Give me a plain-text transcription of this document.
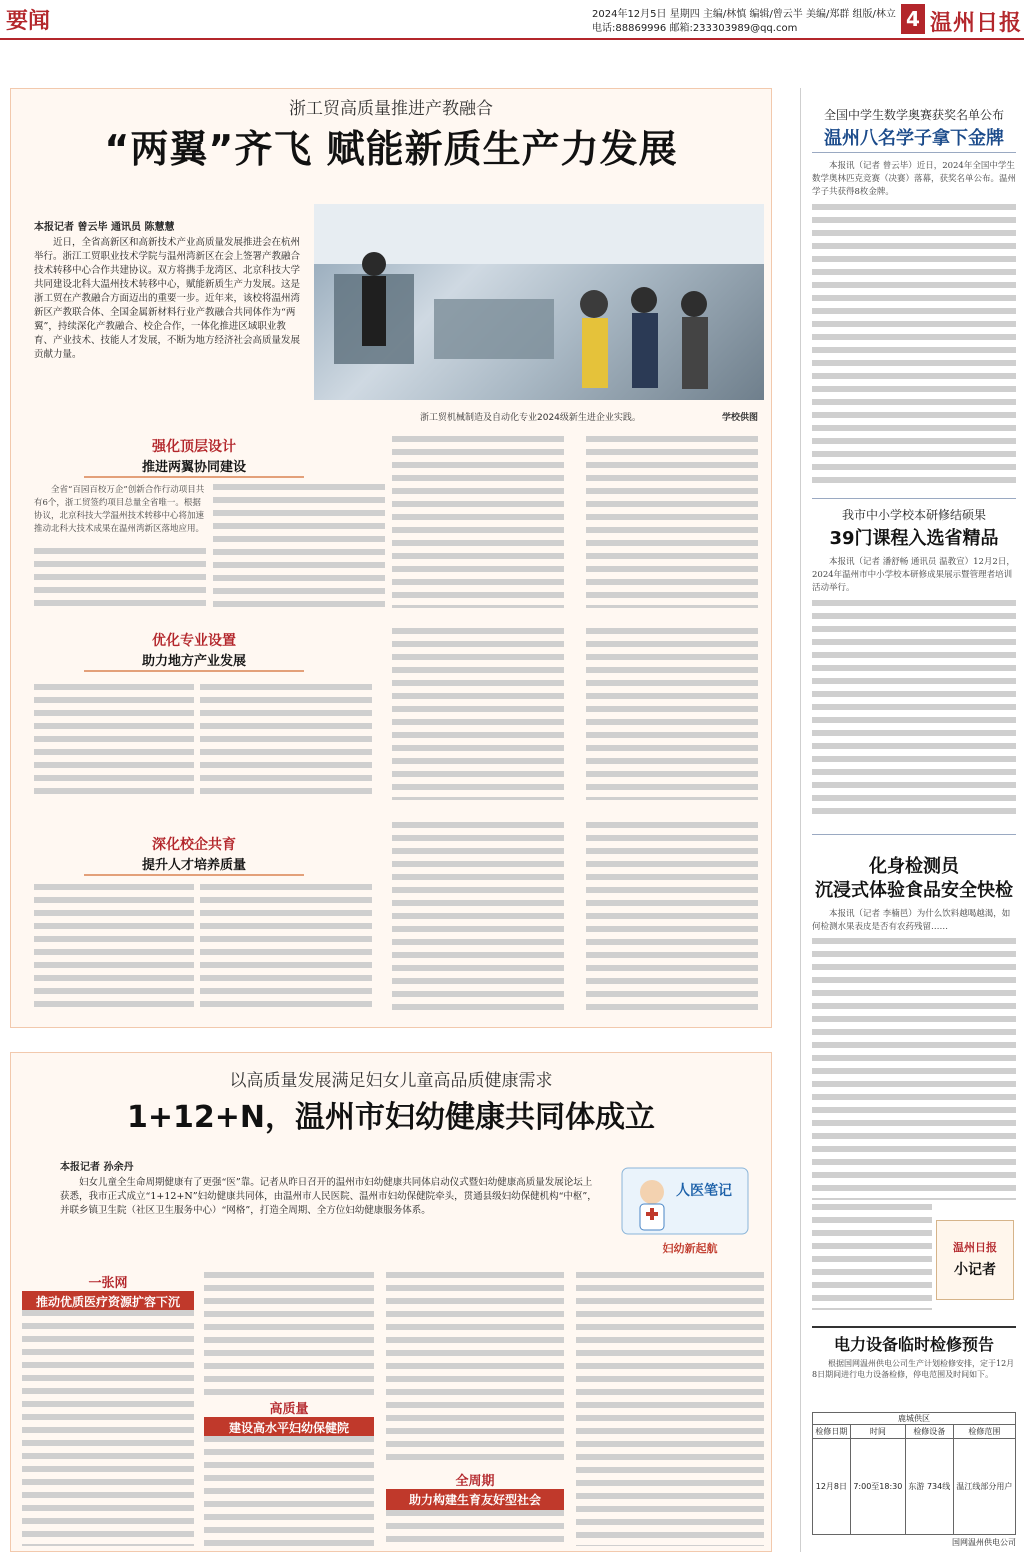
要闻	2024年12月5日 星期四 主编/林慎 编辑/曾云半 美编/郑群 组版/林立
电话:88869996 邮箱:233303989@qq.com	4 温州日报
浙工贸高质量推进产教融合
“两翼”齐飞 赋能新质生产力发展
本报记者 曾云毕 通讯员 陈慧慧
近日，全省高新区和高新技术产业高质量发展推进会在杭州举行。浙江工贸职业技术学院与温州湾新区在会上签署产教融合技术转移中心合作共建协议。双方将携手龙湾区、北京科技大学共同建设北科大温州技术转移中心，赋能新质生产力发展。这是浙工贸在产教融合方面迈出的重要一步。近年来，该校将温州湾新区产教联合体、全国金属新材料行业产教融合共同体作为“两翼”，持续深化产教融合、校企合作，一体化推进区域职业教育、产业技术、技能人才发展，不断为地方经济社会高质量发展贡献力量。
浙工贸机械制造及自动化专业2024级新生进企业实践。	学校供图
强化顶层设计
推进两翼协同建设
全省“百园百校万企”创新合作行动项目共有6个，浙工贸签约项目总量全省唯一。根据协议，北京科技大学温州技术转移中心将加速推动北科大技术成果在温州湾新区落地应用。
优化专业设置
助力地方产业发展
深化校企共育
提升人才培养质量
以高质量发展满足妇女儿童高品质健康需求
1+12+N，温州市妇幼健康共同体成立
本报记者 孙余丹
妇女儿童全生命周期健康有了更强“医”靠。记者从昨日召开的温州市妇幼健康共同体启动仪式暨妇幼健康高质量发展论坛上获悉，我市正式成立“1+12+N”妇幼健康共同体，由温州市人民医院、温州市妇幼保健院牵头，贯通县级妇幼保健机构“中枢”，并联乡镇卫生院（社区卫生服务中心）“网格”，打造全周期、全方位妇幼健康服务体系。
人医笔记
妇幼新起航
一张网
推动优质医疗资源扩容下沉
高质量
建设高水平妇幼保健院
全周期
助力构建生育友好型社会
全国中学生数学奥赛获奖名单公布
温州八名学子拿下金牌
本报讯（记者 曾云毕）近日，2024年全国中学生数学奥林匹克竞赛（决赛）落幕，获奖名单公布。温州学子共获得8枚金牌。
我市中小学校本研修结硕果
39门课程入选省精品
本报讯（记者 潘舒畅 通讯员 温教宣）12月2日，2024年温州市中小学校本研修成果展示暨管理者培训活动举行。
化身检测员
沉浸式体验食品安全快检
本报讯（记者 李楠邑）为什么饮料越喝越渴，如何检测水果表皮是否有农药残留……
温州日报
小记者
电力设备临时检修预告
根据国网温州供电公司生产计划检修安排，定于12月8日期间进行电力设备检修，停电范围及时间如下。
鹿城供区
检修日期	时间	检修设备	检修范围
12月8日	7:00至18:30	东游 734线	温江线部分用户
国网温州供电公司
